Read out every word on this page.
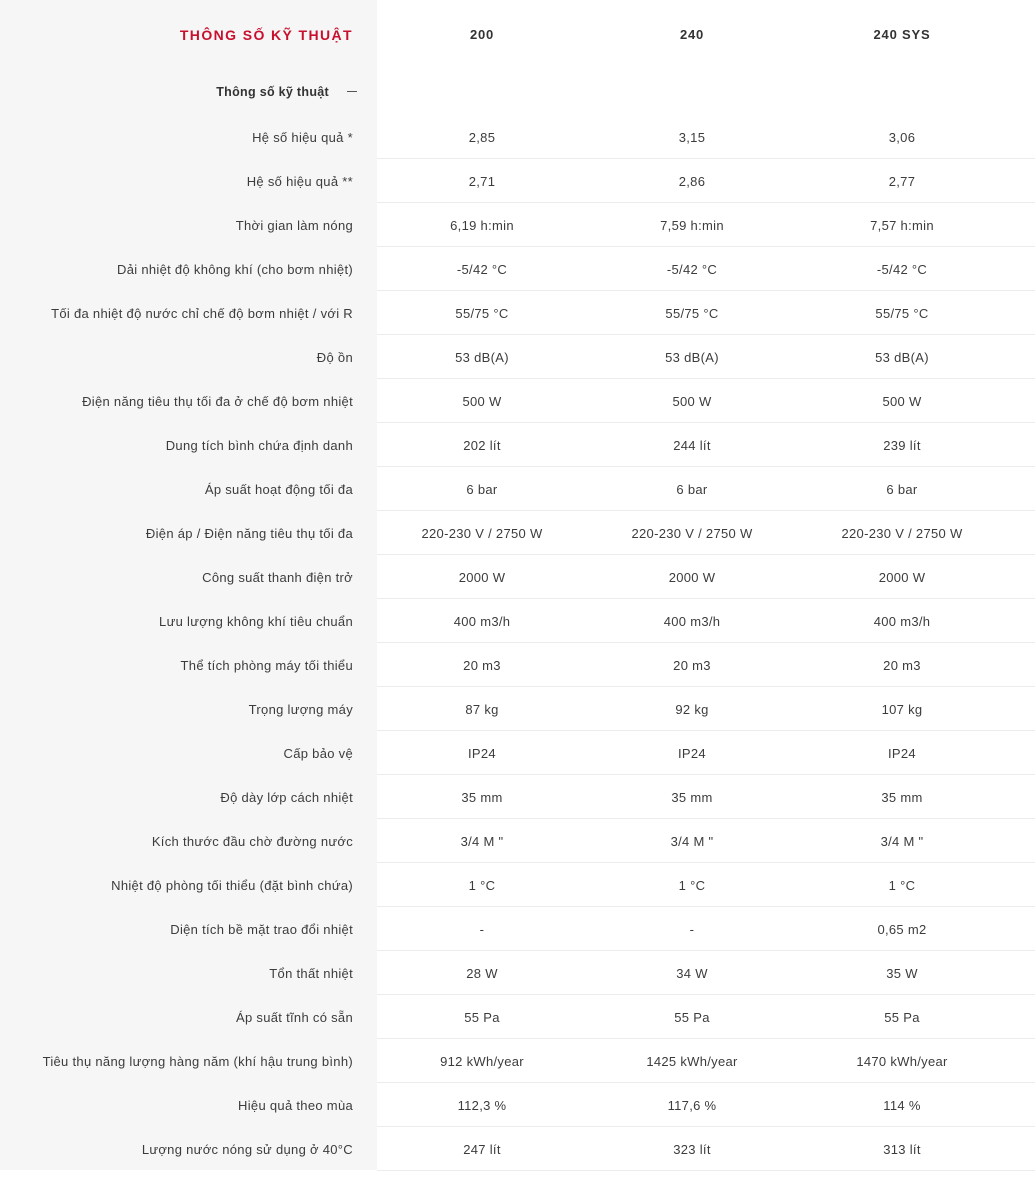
THÔNG SỐ KỸ THUẬT	200	240	240 SYS
Thông số kỹ thuật
Hệ số hiệu quả *	2,85	3,15	3,06
Hệ số hiệu quả **	2,71	2,86	2,77
Thời gian làm nóng	6,19 h:min	7,59 h:min	7,57 h:min
Dải nhiệt độ không khí (cho bơm nhiệt)	-5/42 °C	-5/42 °C	-5/42 °C
Tối đa nhiệt độ nước chỉ chế độ bơm nhiệt / với R	55/75 °C	55/75 °C	55/75 °C
Độ ồn	53 dB(A)	53 dB(A)	53 dB(A)
Điện năng tiêu thụ tối đa ở chế độ bơm nhiệt	500 W	500 W	500 W
Dung tích bình chứa định danh	202 lít	244 lít	239 lít
Áp suất hoạt động tối đa	6 bar	6 bar	6 bar
Điện áp / Điện năng tiêu thụ tối đa	220-230 V / 2750 W	220-230 V / 2750 W	220-230 V / 2750 W
Công suất thanh điện trở	2000 W	2000 W	2000 W
Lưu lượng không khí tiêu chuẩn	400 m3/h	400 m3/h	400 m3/h
Thể tích phòng máy tối thiểu	20 m3	20 m3	20 m3
Trọng lượng máy	87 kg	92 kg	107 kg
Cấp bảo vệ	IP24	IP24	IP24
Độ dày lớp cách nhiệt	35 mm	35 mm	35 mm
Kích thước đầu chờ đường nước	3/4 M "	3/4 M "	3/4 M "
Nhiệt độ phòng tối thiểu (đặt bình chứa)	1 °C	1 °C	1 °C
Diện tích bề mặt trao đổi nhiệt	-	-	0,65 m2
Tổn thất nhiệt	28 W	34 W	35 W
Áp suất tĩnh có sẵn	55 Pa	55 Pa	55 Pa
Tiêu thụ năng lượng hàng năm (khí hậu trung bình)	912 kWh/year	1425 kWh/year	1470 kWh/year
Hiệu quả theo mùa	112,3 %	117,6 %	114 %
Lượng nước nóng sử dụng ở 40°C	247 lít	323 lít	313 lít
